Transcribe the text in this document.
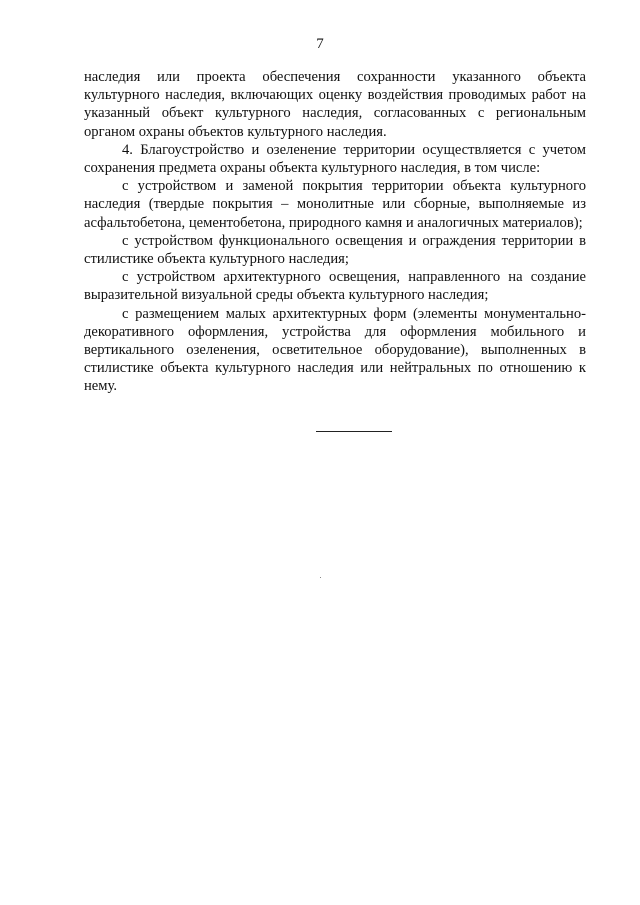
7

наследия или проекта обеспечения сохранности указанного объекта культурного наследия, включающих оценку воздействия проводимых работ на указанный объект культурного наследия, согласованных с региональным органом охраны объектов культурного наследия.

4. Благоустройство и озеленение территории осуществляется с учетом сохранения предмета охраны объекта культурного наследия, в том числе:

с устройством и заменой покрытия территории объекта культурного наследия (твердые покрытия – монолитные или сборные, выполняемые из асфальтобетона, цементобетона, природного камня и аналогичных материалов);

с устройством функционального освещения и ограждения территории в стилистике объекта культурного наследия;

с устройством архитектурного освещения, направленного на создание выразительной визуальной среды объекта культурного наследия;

с размещением малых архитектурных форм (элементы монументально-декоративного оформления, устройства для оформления мобильного и вертикального озеленения, осветительное оборудование), выполненных в стилистике объекта культурного наследия или нейтральных по отношению к нему.
